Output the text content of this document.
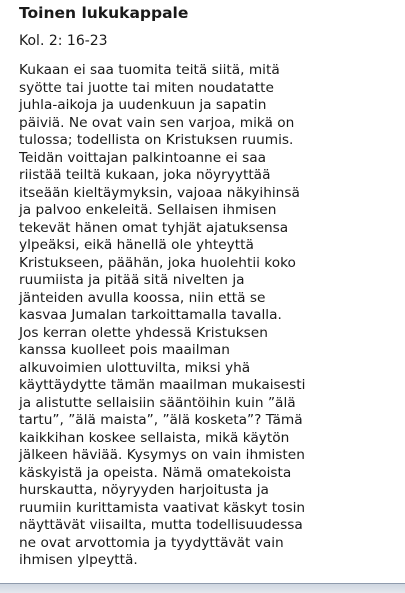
Toinen lukukappale

Kol. 2: 16-23

Kukaan ei saa tuomita teitä siitä, mitä
syötte tai juotte tai miten noudatatte
juhla-aikoja ja uudenkuun ja sapatin
päiviä. Ne ovat vain sen varjoa, mikä on
tulossa; todellista on Kristuksen ruumis.
Teidän voittajan palkintoanne ei saa
riistää teiltä kukaan, joka nöyryyttää
itseään kieltäymyksin, vajoaa näkyihinsä
ja palvoo enkeleitä. Sellaisen ihmisen
tekevät hänen omat tyhjät ajatuksensa
ylpeäksi, eikä hänellä ole yhteyttä
Kristukseen, päähän, joka huolehtii koko
ruumiista ja pitää sitä nivelten ja
jänteiden avulla koossa, niin että se
kasvaa Jumalan tarkoittamalla tavalla.
Jos kerran olette yhdessä Kristuksen
kanssa kuolleet pois maailman
alkuvoimien ulottuvilta, miksi yhä
käyttäydytte tämän maailman mukaisesti
ja alistutte sellaisiin sääntöihin kuin ”älä
tartu”, ”älä maista”, ”älä kosketa”? Tämä
kaikkihan koskee sellaista, mikä käytön
jälkeen häviää. Kysymys on vain ihmisten
käskyistä ja opeista. Nämä omatekoista
hurskautta, nöyryyden harjoitusta ja
ruumiin kurittamista vaativat käskyt tosin
näyttävät viisailta, mutta todellisuudessa
ne ovat arvottomia ja tyydyttävät vain
ihmisen ylpeyttä.
